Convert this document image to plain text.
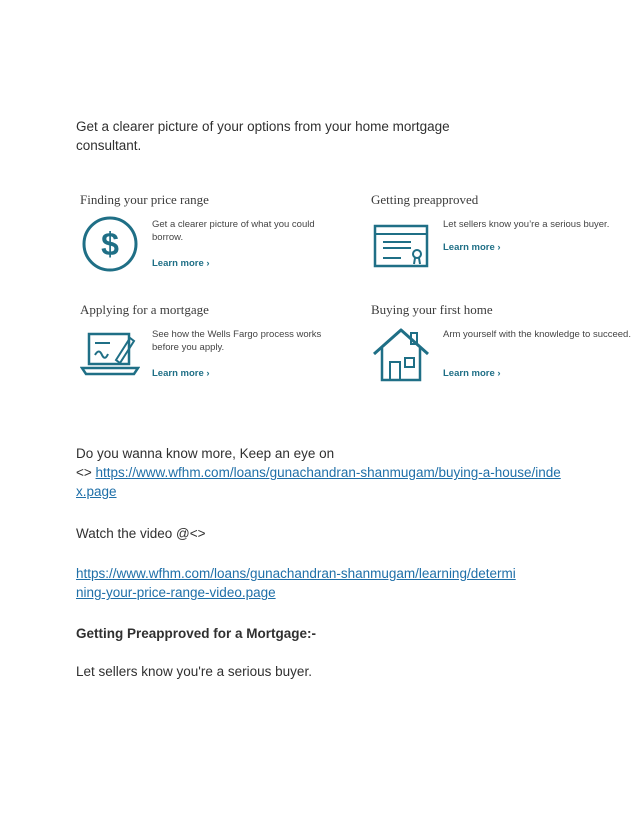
Get a clearer picture of your options from your home mortgage consultant.
Finding your price range
$
Get a clearer picture of what you could borrow.
Learn more ›
Getting preapproved
Let sellers know you’re a serious buyer.
Learn more ›
Applying for a mortgage
See how the Wells Fargo process works before you apply.
Learn more ›
Buying your first home
Arm yourself with the knowledge to succeed.
Learn more ›
Do you wanna know more, Keep an eye on
<> https://www.wfhm.com/loans/gunachandran-shanmugam/buying-a-house/index.page
Watch the video @<>
https://www.wfhm.com/loans/gunachandran-shanmugam/learning/determining-your-price-range-video.page
Getting Preapproved for a Mortgage:-
Let sellers know you're a serious buyer.
